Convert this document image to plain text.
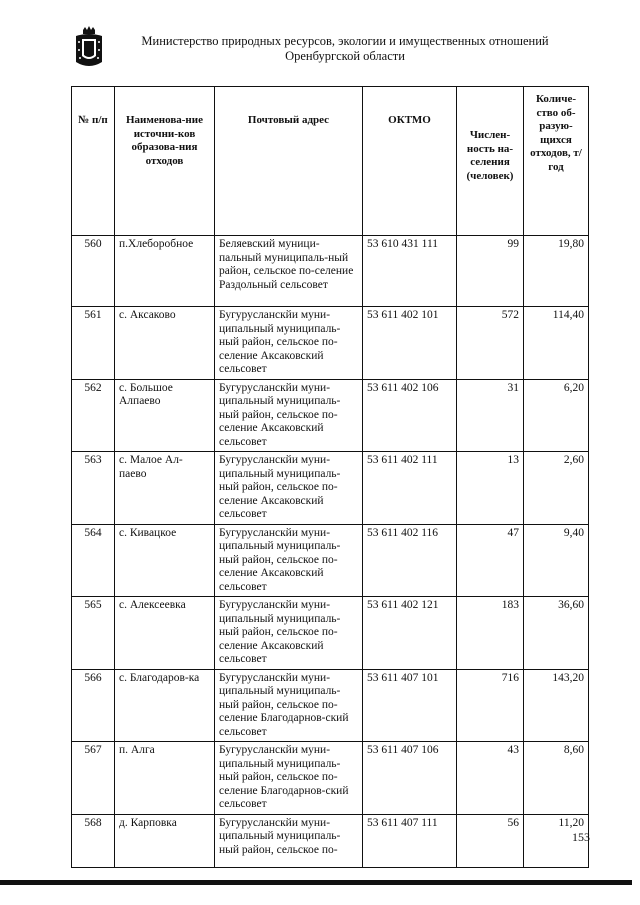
Министерство природных ресурсов, экологии и имущественных отношений
Оренбургской области
№ п/п	Наименова-ние источни-ков образова-ния отходов	Почтовый адрес	ОКТМО	Числен-ность на-селения (человек)	Количе-ство об-разую-щихся отходов, т/год
560	п.Хлеборобное	Беляевский муници-пальный муниципаль-ный район, сельское по-селение Раздольный сельсовет	53 610 431 111	99	19,80
561	с. Аксаково	Бугурусланскйи муни-ципальный муниципаль-ный район, сельское по-селение Аксаковский сельсовет	53 611 402 101	572	114,40
562	с. Большое Алпаево	Бугурусланскйи муни-ципальный муниципаль-ный район, сельское по-селение Аксаковский сельсовет	53 611 402 106	31	6,20
563	с. Малое Ал-паево	Бугурусланскйи муни-ципальный муниципаль-ный район, сельское по-селение Аксаковский сельсовет	53 611 402 111	13	2,60
564	с. Кивацкое	Бугурусланскйи муни-ципальный муниципаль-ный район, сельское по-селение Аксаковский сельсовет	53 611 402 116	47	9,40
565	с. Алексеевка	Бугурусланскйи муни-ципальный муниципаль-ный район, сельское по-селение Аксаковский сельсовет	53 611 402 121	183	36,60
566	с. Благодаров-ка	Бугурусланскйи муни-ципальный муниципаль-ный район, сельское по-селение Благодарнов-ский сельсовет	53 611 407 101	716	143,20
567	п. Алга	Бугурусланскйи муни-ципальный муниципаль-ный район, сельское по-селение Благодарнов-ский сельсовет	53 611 407 106	43	8,60
568	д. Карповка	Бугурусланскйи муни-ципальный муниципаль-ный район, сельское по-	53 611 407 111	56	11,20
153
